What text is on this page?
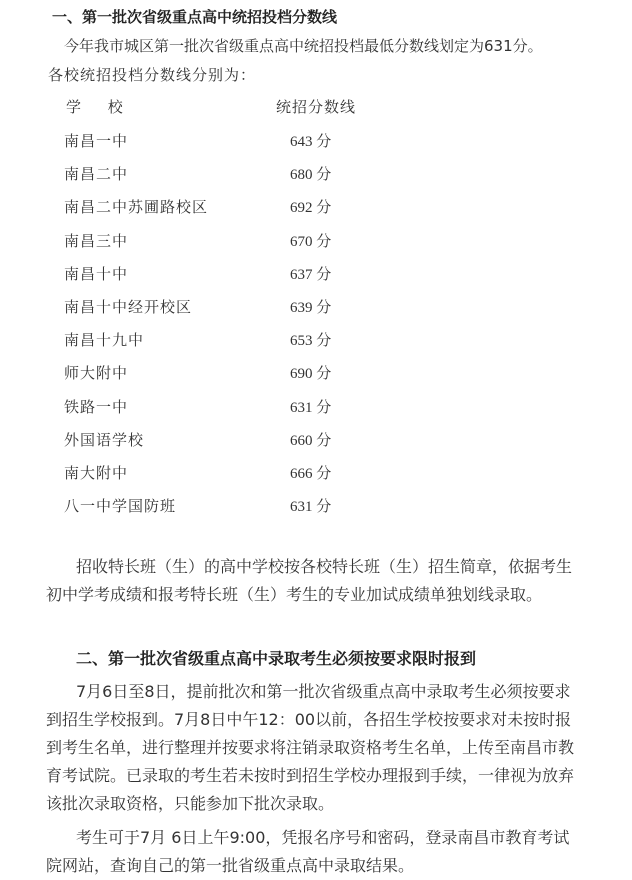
一、第一批次省级重点高中统招投档分数线
今年我市城区第一批次省级重点高中统招投档最低分数线划定为631分。
各校统招投档分数线分别为：
学 校	统招分数线
南昌一中	643 分
南昌二中	680 分
南昌二中苏圃路校区	692 分
南昌三中	670 分
南昌十中	637 分
南昌十中经开校区	639 分
南昌十九中	653 分
师大附中	690 分
铁路一中	631 分
外国语学校	660 分
南大附中	666 分
八一中学国防班	631 分
招收特长班（生）的高中学校按各校特长班（生）招生简章，依据考生
初中学考成绩和报考特长班（生）考生的专业加试成绩单独划线录取。
二、第一批次省级重点高中录取考生必须按要求限时报到
7月6日至8日，提前批次和第一批次省级重点高中录取考生必须按要求
到招生学校报到。7月8日中午12：00以前，各招生学校按要求对未按时报
到考生名单，进行整理并按要求将注销录取资格考生名单，上传至南昌市教
育考试院。已录取的考生若未按时到招生学校办理报到手续，一律视为放弃
该批次录取资格，只能参加下批次录取。
考生可于7月 6日上午9:00，凭报名序号和密码，登录南昌市教育考试
院网站，查询自己的第一批省级重点高中录取结果。
